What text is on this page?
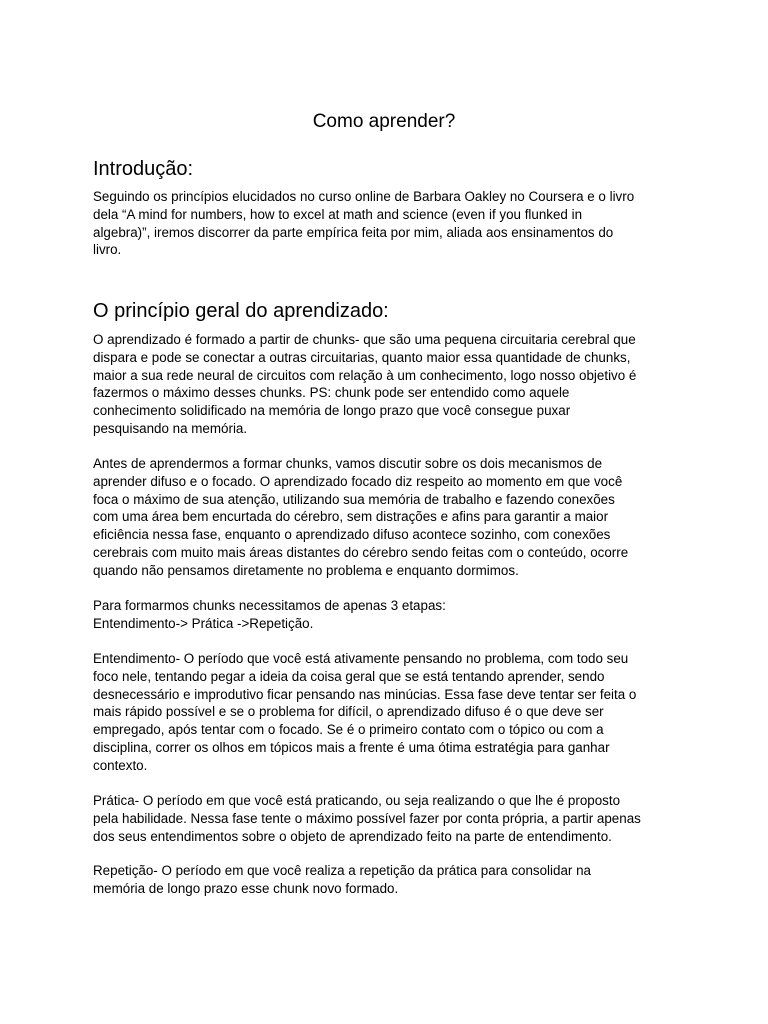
Como aprender?
Introdução:

Seguindo os princípios elucidados no curso online de Barbara Oakley no Coursera e o livro
dela “A mind for numbers, how to excel at math and science (even if you flunked in
algebra)”, iremos discorrer da parte empírica feita por mim, aliada aos ensinamentos do
livro.

O princípio geral do aprendizado:

O aprendizado é formado a partir de chunks- que são uma pequena circuitaria cerebral que
dispara e pode se conectar a outras circuitarias, quanto maior essa quantidade de chunks,
maior a sua rede neural de circuitos com relação à um conhecimento, logo nosso objetivo é
fazermos o máximo desses chunks. PS: chunk pode ser entendido como aquele
conhecimento solidificado na memória de longo prazo que você consegue puxar
pesquisando na memória.

Antes de aprendermos a formar chunks, vamos discutir sobre os dois mecanismos de
aprender difuso e o focado. O aprendizado focado diz respeito ao momento em que você
foca o máximo de sua atenção, utilizando sua memória de trabalho e fazendo conexões
com uma área bem encurtada do cérebro, sem distrações e afins para garantir a maior
eficiência nessa fase, enquanto o aprendizado difuso acontece sozinho, com conexões
cerebrais com muito mais áreas distantes do cérebro sendo feitas com o conteúdo, ocorre
quando não pensamos diretamente no problema e enquanto dormimos.

Para formarmos chunks necessitamos de apenas 3 etapas:
Entendimento-> Prática ->Repetição.

Entendimento- O período que você está ativamente pensando no problema, com todo seu
foco nele, tentando pegar a ideia da coisa geral que se está tentando aprender, sendo
desnecessário e improdutivo ficar pensando nas minúcias. Essa fase deve tentar ser feita o
mais rápido possível e se o problema for difícil, o aprendizado difuso é o que deve ser
empregado, após tentar com o focado. Se é o primeiro contato com o tópico ou com a
disciplina, correr os olhos em tópicos mais a frente é uma ótima estratégia para ganhar
contexto.

Prática- O período em que você está praticando, ou seja realizando o que lhe é proposto
pela habilidade. Nessa fase tente o máximo possível fazer por conta própria, a partir apenas
dos seus entendimentos sobre o objeto de aprendizado feito na parte de entendimento.

Repetição- O período em que você realiza a repetição da prática para consolidar na
memória de longo prazo esse chunk novo formado.
